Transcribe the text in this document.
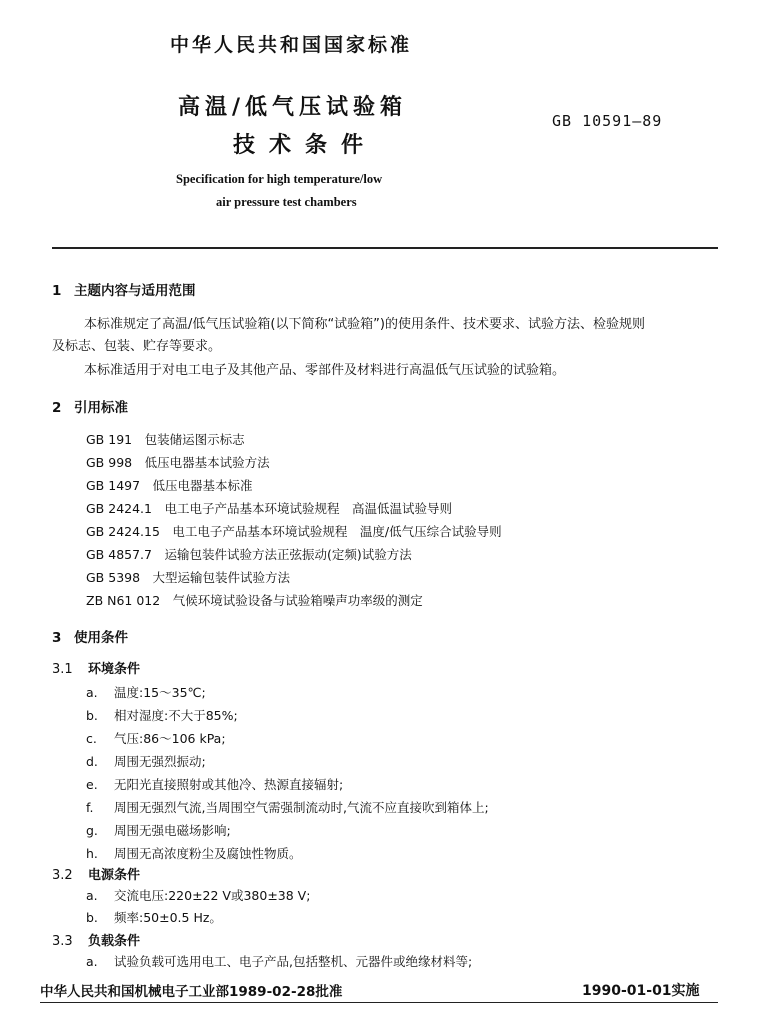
中华人民共和国国家标准
高温/低气压试验箱
技术条件
GB 10591—89
Specification for high temperature/low
air pressure test chambers
1 主题内容与适用范围
本标准规定了高温/低气压试验箱(以下简称“试验箱”)的使用条件、技术要求、试验方法、检验规则
及标志、包装、贮存等要求。
本标准适用于对电工电子及其他产品、零部件及材料进行高温低气压试验的试验箱。
2 引用标准
GB 191　包装储运图示标志
GB 998　低压电器基本试验方法
GB 1497　低压电器基本标准
GB 2424.1　电工电子产品基本环境试验规程　高温低温试验导则
GB 2424.15　电工电子产品基本环境试验规程　温度/低气压综合试验导则
GB 4857.7　运输包装件试验方法正弦振动(定频)试验方法
GB 5398　大型运输包装件试验方法
ZB N61 012　气候环境试验设备与试验箱噪声功率级的测定
3 使用条件
3.1 环境条件
a. 温度:15～35℃;
b. 相对湿度:不大于85%;
c. 气压:86～106 kPa;
d. 周围无强烈振动;
e. 无阳光直接照射或其他冷、热源直接辐射;
f. 周围无强烈气流,当周围空气需强制流动时,气流不应直接吹到箱体上;
g. 周围无强电磁场影响;
h. 周围无高浓度粉尘及腐蚀性物质。
3.2 电源条件
a. 交流电压:220±22 V或380±38 V;
b. 频率:50±0.5 Hz。
3.3 负载条件
a. 试验负载可选用电工、电子产品,包括整机、元器件或绝缘材料等;
中华人民共和国机械电子工业部1989-02-28批准	1990-01-01实施
